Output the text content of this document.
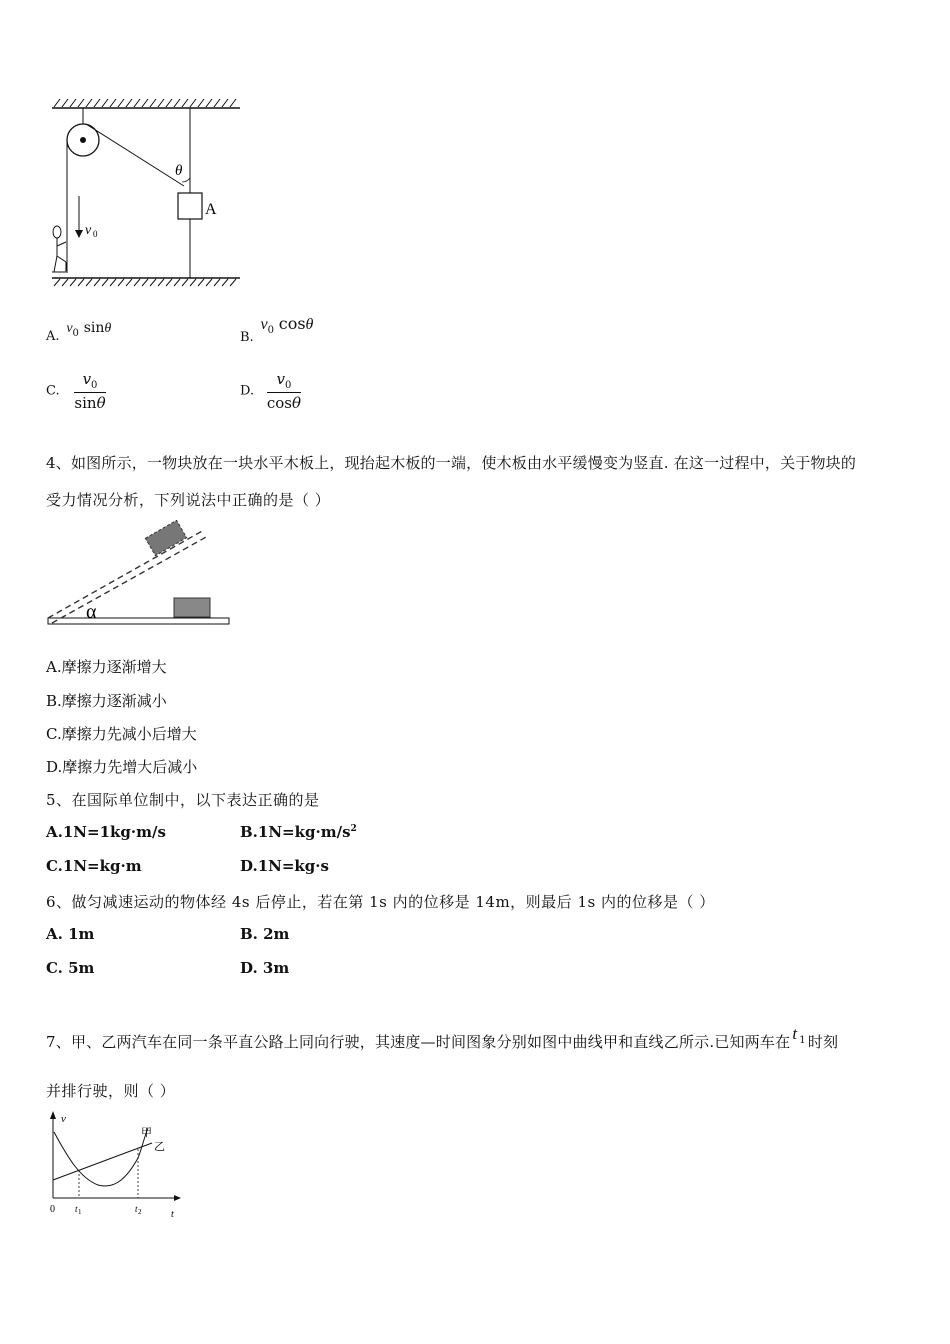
θ
A
v 0
A. $v_0$ sinθ
B. $v_0$ cosθ
C. $\frac{v_0}{\sin\theta}$	D. $\frac{v_0}{\cos\theta}$
4、如图所示，一物块放在一块水平木板上，现抬起木板的一端，使木板由水平缓慢变为竖直. 在这一过程中，关于物块的
受力情况分析，下列说法中正确的是（ ）
α
A.摩擦力逐渐增大
B.摩擦力逐渐减小
C.摩擦力先减小后增大
D.摩擦力先增大后减小
5、在国际单位制中，以下表达正确的是
A.1N=1kg·m/s	$B.1N=kg\cdot m/s^2$
C.1N=kg·m	D.1N=kg·s
6、做匀减速运动的物体经 4s 后停止，若在第 1s 内的位移是 14m，则最后 1s 内的位移是（ ）
A. 1m	B. 2m
C. 5m	D. 3m
7、甲、乙两汽车在同一条平直公路上同向行驶，其速度—时间图象分别如图中曲线甲和直线乙所示.已知两车在 t $_1$ 时刻
并排行驶，则（ ）
v
t
0 t 1	t 2
甲
乙
